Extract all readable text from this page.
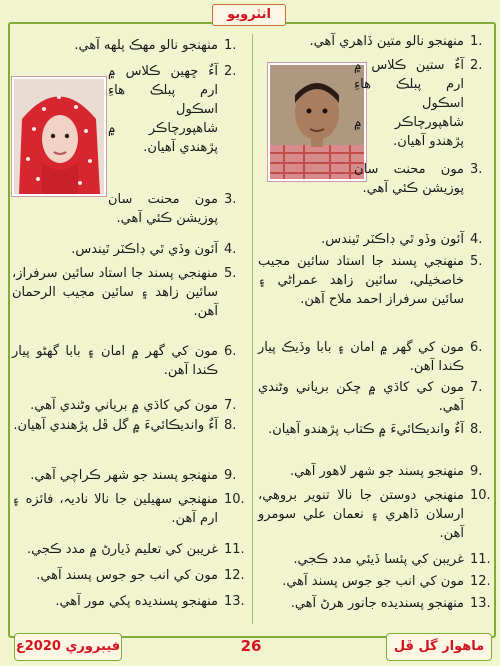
انٽرويو
1.
منهنجو نالو متين ڏاهري آهي.
2.
آءٌ ستين ڪلاس ۾ ارم پبلڪ هاءِ اسڪول شاهپورچاڪر ۾ پڙهندو آهيان.
3.
مون محنت سان پوزيشن ڪئي آهي.
4.
آئون وڏو ٿي ڊاڪٽر ٿيندس.
5.
منهنجي پسند جا استاد سائين مجيب خاصخيلي، سائين زاهد عمراڻي ۽ سائين سرفراز احمد ملاح آهن.
6.
مون کي گهر ۾ امان ۽ بابا وڏيڪ پيار ڪندا آهن.
7.
مون کي کاڌي ۾ چکن برياني وڻندي آهي.
8.
آءٌ وانديڪائيءَ ۾ ڪتاب پڙهندو آهيان.
9.
منهنجو پسند جو شهر لاهور آهي.
10.
منهنجي دوستن جا نالا تنوير بروهي، ارسلان ڏاهري ۽ نعمان علي سومرو آهن.
11.
غريبن کي پئسا ڏيئي مدد ڪجي.
12.
مون کي انب جو جوس پسند آهي.
13.
منهنجو پسنديده جانور هرڻ آهي.
1.
منهنجو نالو مهڪ پلهه آهي.
2.
آءٌ ڇهين ڪلاس ۾ ارم پبلڪ هاءِ اسڪول شاهپورچاڪر ۾ پڙهندي آهيان.
3.
مون محنت سان پوزيشن ڪئي آهي.
4.
آئون وڏي ٿي ڊاڪٽر ٿيندس.
5.
منهنجي پسند جا استاد سائين سرفراز، سائين زاهد ۽ سائين مجيب الرحمان آهن.
6.
مون کي گهر ۾ امان ۽ بابا گهڻو پيار ڪندا آهن.
7.
مون کي کاڌي ۾ برياني وڻندي آهي.
8.
آءٌ وانديڪائيءَ ۾ گل ڦل پڙهندي آهيان.
9.
منهنجو پسند جو شهر ڪراچي آهي.
10.
منهنجي سهيلين جا نالا ناديہ، فائزه ۽ ارم آهن.
11.
غريبن کي تعليم ڏيارڻ ۾ مدد ڪجي.
12.
مون کي انب جو جوس پسند آهي.
13.
منهنجو پسنديده پکي مور آهي.
فيبروري 2020ع	26	ماهوار گل ڦل
